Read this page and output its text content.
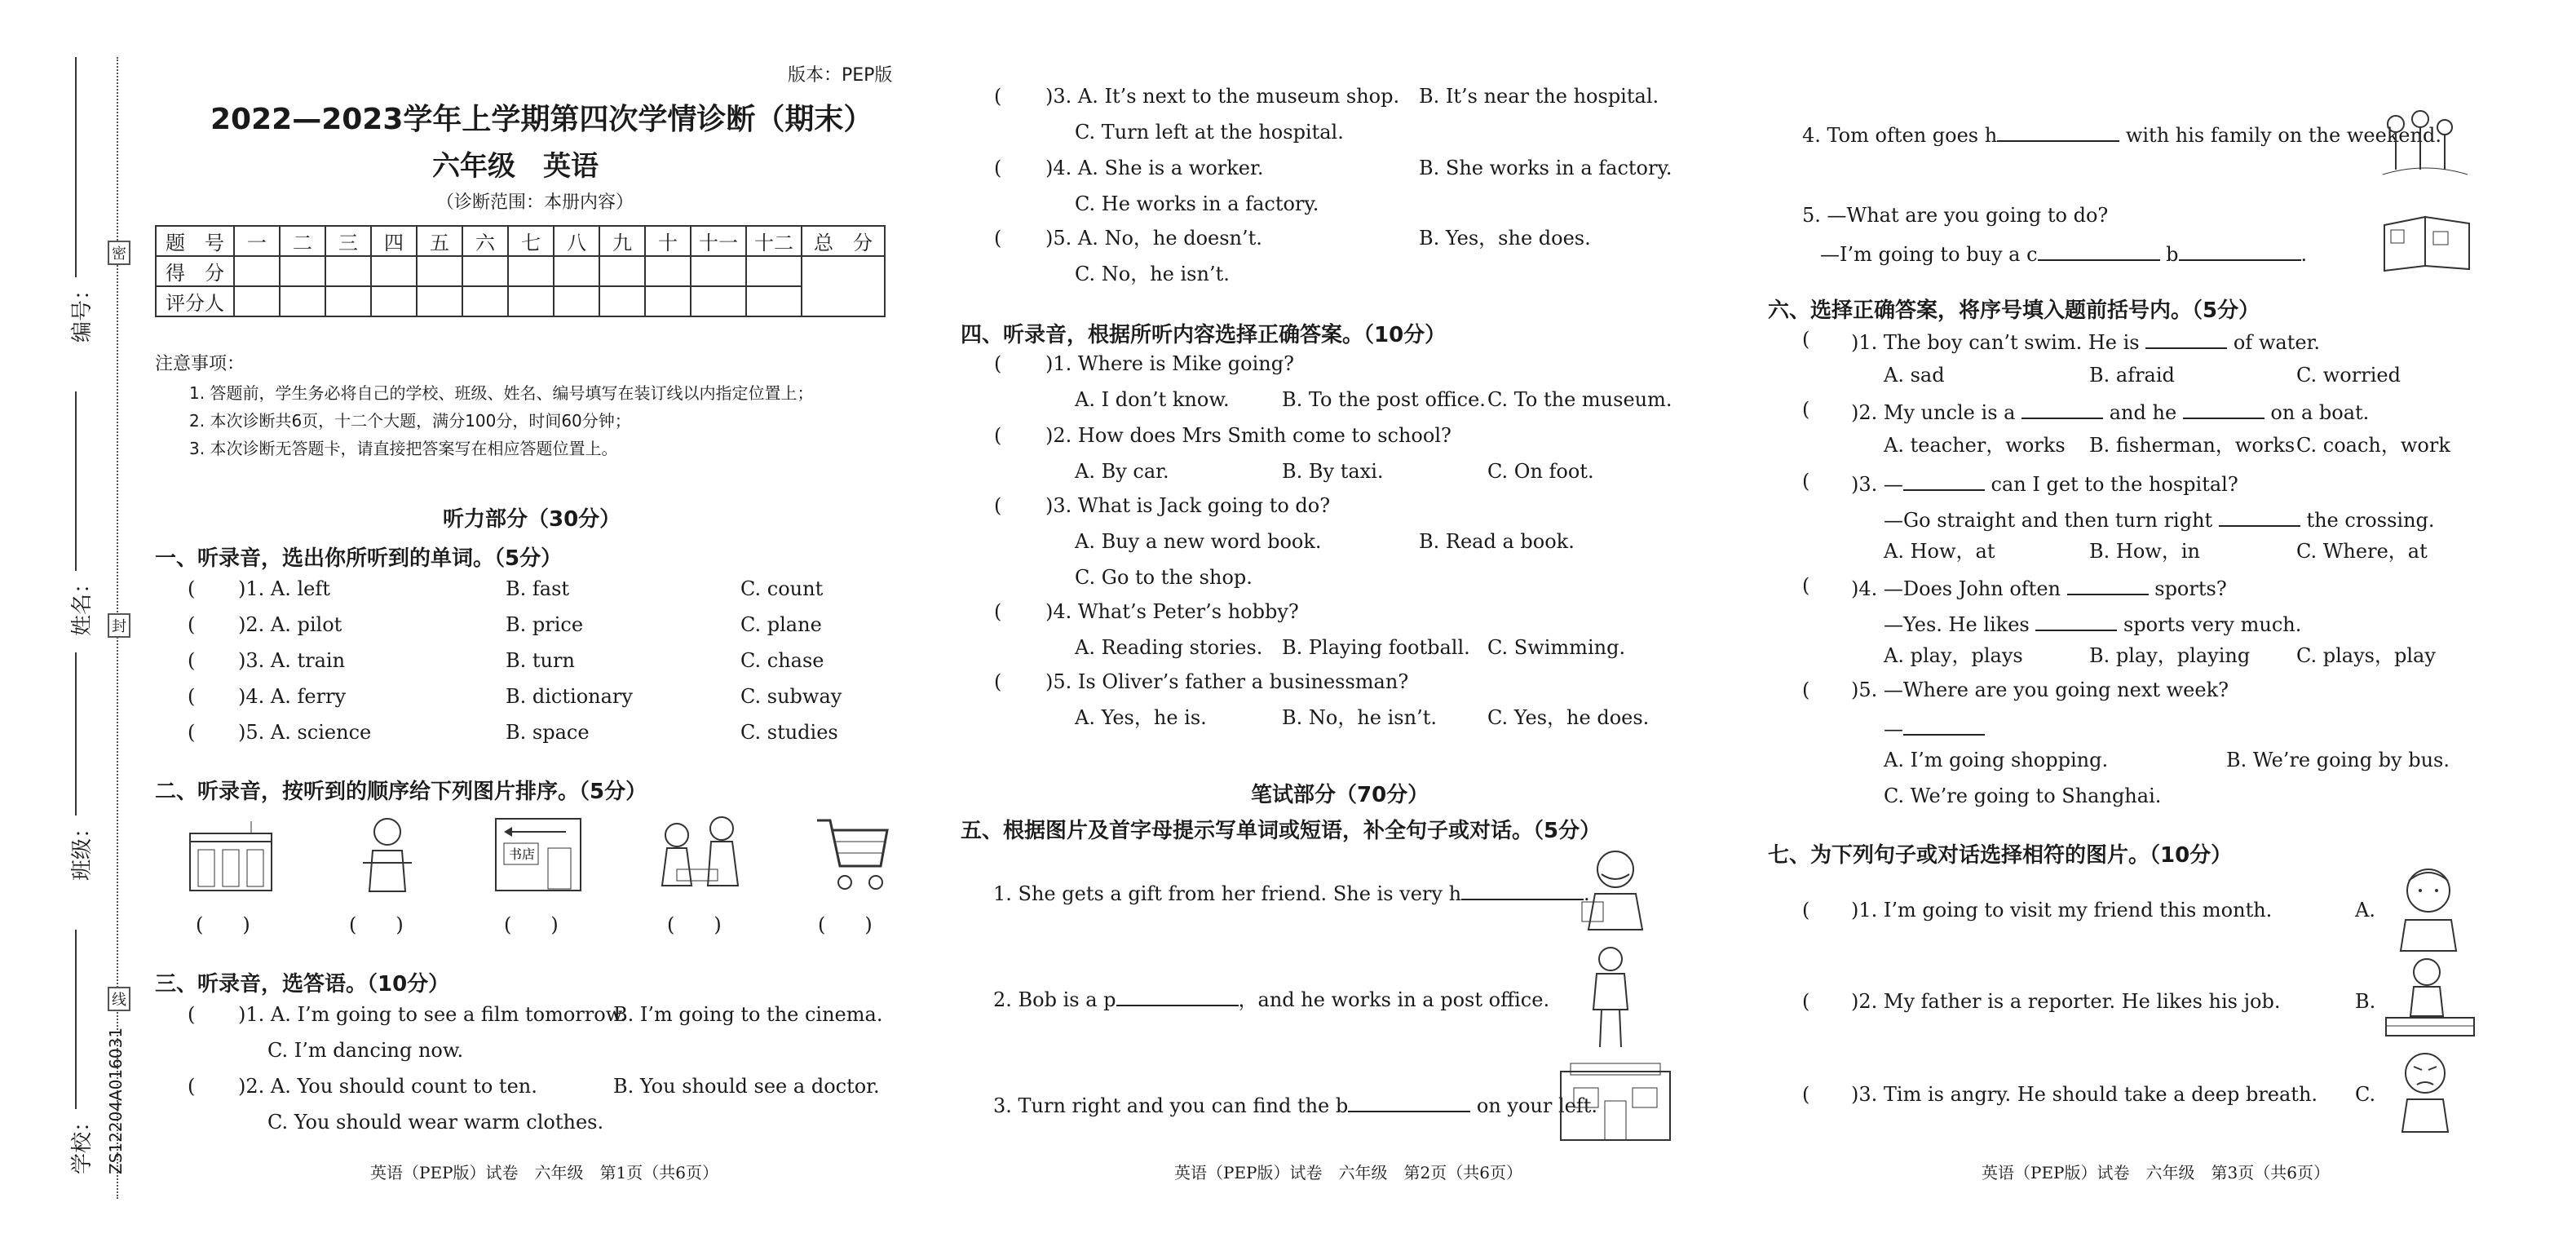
密
封
线
编号：
姓名：
班级：
学校： ZS12204A016031
版本：PEP版
2022—2023学年上学期第四次学情诊断（期末）
六年级　英语
（诊断范围：本册内容）
题　号	一	二	三	四	五	六	七	八	九	十	十一	十二	总　分
得　分													
评分人													
注意事项：
1. 答题前，学生务必将自己的学校、班级、姓名、编号填写在装订线以内指定位置上；
2. 本次诊断共6页，十二个大题，满分100分，时间60分钟；
3. 本次诊断无答题卡，请直接把答案写在相应答题位置上。
听力部分（30分）
一、听录音，选出你所听到的单词。（5分）
( )1. A. left	B. fast	C. count
( )2. A. pilot	B. price	C. plane
( )3. A. train	B. turn	C. chase
( )4. A. ferry	B. dictionary	C. subway
( )5. A. science	B. space	C. studies
二、听录音，按听到的顺序给下列图片排序。（5分）
书店
(　　)	(　　)	(　　)	(　　)	(　　)
三、听录音，选答语。（10分）
( )1. A. I’m going to see a film tomorrow.
B. I’m going to the cinema.
C. I’m dancing now.
( )2. A. You should count to ten.	B. You should see a doctor.
C. You should wear warm clothes.
英语（PEP版）试卷　六年级　第1页（共6页）
( )3. A. It’s next to the museum shop. B. It’s near the hospital.
C. Turn left at the hospital.
( )4. A. She is a worker.	B. She works in a factory.
C. He works in a factory.
( )5. A. No，he doesn’t.	B. Yes，she does.
C. No，he isn’t.
四、听录音，根据所听内容选择正确答案。（10分）
( )1. Where is Mike going?
A. I don’t know.	B. To the post office. C. To the museum.
( )2. How does Mrs Smith come to school?
A. By car.	B. By taxi.	C. On foot.
( )3. What is Jack going to do?
A. Buy a new word book.	B. Read a book.
C. Go to the shop.
( )4. What’s Peter’s hobby?
A. Reading stories. B. Playing football. C. Swimming.
( )5. Is Oliver’s father a businessman?
A. Yes，he is.	B. No，he isn’t.	C. Yes，he does.
笔试部分（70分）
五、根据图片及首字母提示写单词或短语，补全句子或对话。（5分）
1. She gets a gift from her friend. She is very h	.
2. Bob is a p	，and he works in a post office.
3. Turn right and you can find the b	on your left.
英语（PEP版）试卷　六年级　第2页（共6页）
4. Tom often goes h	with his family on the weekend.
5. —What are you going to do?
—I’m going to buy a c	b	.
六、选择正确答案，将序号填入题前括号内。（5分）
( )1. The boy can’t swim. He is	of water.
A. sad	B. afraid	C. worried
( )2. My uncle is a	and he	on a boat.
A. teacher，works B. fisherman，works C. coach，work
( )3. —	can I get to the hospital?
—Go straight and then turn right	the crossing.
A. How，at	B. How，in	C. Where，at
( )4. —Does John often	sports?
—Yes. He likes	sports very much.
A. play，plays	B. play，playing C. plays，play
( )5. —Where are you going next week?
—
A. I’m going shopping.	B. We’re going by bus.
C. We’re going to Shanghai.
七、为下列句子或对话选择相符的图片。（10分）
( )1. I’m going to visit my friend this month.	A.
( )2. My father is a reporter. He likes his job.	B.
( )3. Tim is angry. He should take a deep breath. C.
英语（PEP版）试卷　六年级　第3页（共6页）
